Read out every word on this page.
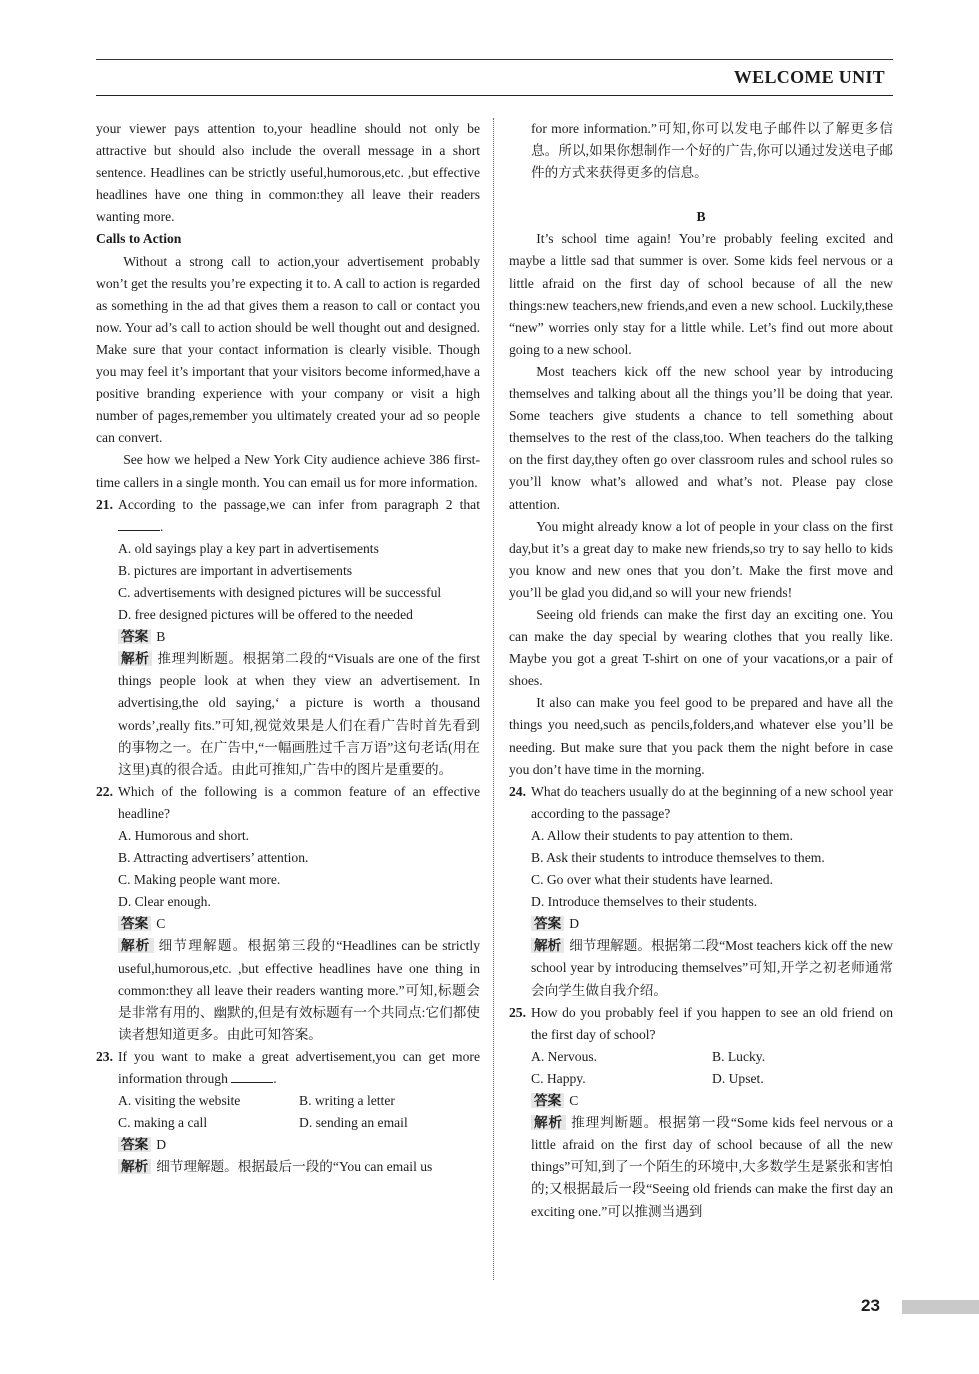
WELCOME UNIT

your viewer pays attention to,your headline should not only be attractive but should also include the overall message in a short sentence. Headlines can be strictly useful,humorous,etc. ,but effective headlines have one thing in common:they all leave their readers wanting more.

Calls to Action

Without a strong call to action,your advertisement probably won’t get the results you’re expecting it to. A call to action is regarded as something in the ad that gives them a reason to call or contact you now. Your ad’s call to action should be well thought out and designed. Make sure that your contact information is clearly visible. Though you may feel it’s important that your visitors become informed,have a positive branding experience with your company or visit a high number of pages,remember you ultimately created your ad so people can convert.

See how we helped a New York City audience achieve 386 first-time callers in a single month. You can email us for more information.

21. According to the passage,we can infer from paragraph 2 that .

A. old sayings play a key part in advertisements

B. pictures are important in advertisements

C. advertisements with designed pictures will be successful

D. free designed pictures will be offered to the needed

答案 B

解析 推理判断题。根据第二段的“Visuals are one of the first things people look at when they view an advertisement. In advertising,the old saying,‘ a picture is worth a thousand words’,really fits.”可知,视觉效果是人们在看广告时首先看到的事物之一。在广告中,“一幅画胜过千言万语”这句老话(用在这里)真的很合适。由此可推知,广告中的图片是重要的。

22. Which of the following is a common feature of an effective headline?

A. Humorous and short.

B. Attracting advertisers’ attention.

C. Making people want more.

D. Clear enough.

答案 C

解析 细节理解题。根据第三段的“Headlines can be strictly useful,humorous,etc. ,but effective headlines have one thing in common:they all leave their readers wanting more.”可知,标题会是非常有用的、幽默的,但是有效标题有一个共同点:它们都使读者想知道更多。由此可知答案。

23. If you want to make a great advertisement,you can get more information through	.
A. visiting the website	B. writing a letter
C. making a call	D. sending an email

答案 D

解析 细节理解题。根据最后一段的“You can email us

for more information.”可知,你可以发电子邮件以了解更多信息。所以,如果你想制作一个好的广告,你可以通过发送电子邮件的方式来获得更多的信息。

B

It’s school time again! You’re probably feeling excited and maybe a little sad that summer is over. Some kids feel nervous or a little afraid on the first day of school because of all the new things:new teachers,new friends,and even a new school. Luckily,these “new” worries only stay for a little while. Let’s find out more about going to a new school.

Most teachers kick off the new school year by introducing themselves and talking about all the things you’ll be doing that year. Some teachers give students a chance to tell something about themselves to the rest of the class,too. When teachers do the talking on the first day,they often go over classroom rules and school rules so you’ll know what’s allowed and what’s not. Please pay close attention.

You might already know a lot of people in your class on the first day,but it’s a great day to make new friends,so try to say hello to kids you know and new ones that you don’t. Make the first move and you’ll be glad you did,and so will your new friends!

Seeing old friends can make the first day an exciting one. You can make the day special by wearing clothes that you really like. Maybe you got a great T-shirt on one of your vacations,or a pair of shoes.

It also can make you feel good to be prepared and have all the things you need,such as pencils,folders,and whatever else you’ll be needing. But make sure that you pack them the night before in case you don’t have time in the morning.

24. What do teachers usually do at the beginning of a new school year according to the passage?

A. Allow their students to pay attention to them.

B. Ask their students to introduce themselves to them.

C. Go over what their students have learned.

D. Introduce themselves to their students.

答案 D

解析 细节理解题。根据第二段“Most teachers kick off the new school year by introducing themselves”可知,开学之初老师通常会向学生做自我介绍。

25. How do you probably feel if you happen to see an old friend on the first day of school?
A. Nervous.	B. Lucky.
C. Happy.	D. Upset.

答案 C

解析 推理判断题。根据第一段“Some kids feel nervous or a little afraid on the first day of school because of all the new things”可知,到了一个陌生的环境中,大多数学生是紧张和害怕的;又根据最后一段“Seeing old friends can make the first day an exciting one.”可以推测当遇到

23
